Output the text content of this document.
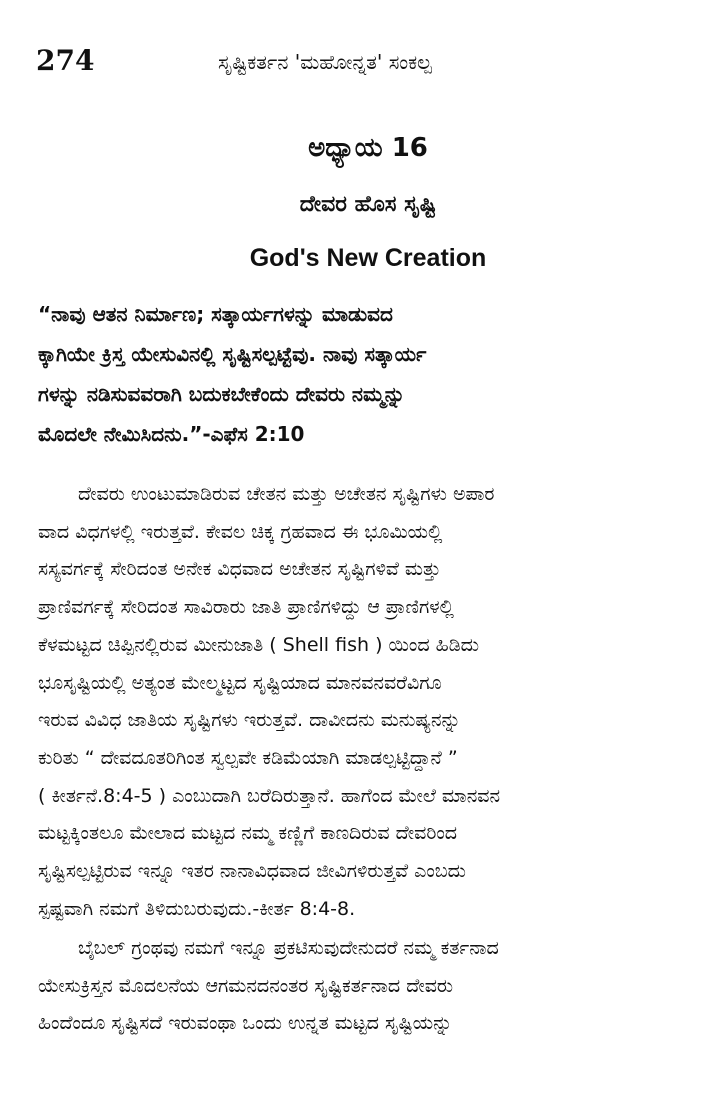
274	ಸೃಷ್ಟಿಕರ್ತನ 'ಮಹೋನ್ನತ' ಸಂಕಲ್ಪ
ಅಧ್ಯಾಯ 16
ದೇವರ ಹೊಸ ಸೃಷ್ಟಿ
God's New Creation
“ನಾವು ಆತನ ನಿರ್ಮಾಣ; ಸತ್ಕಾರ್ಯಗಳನ್ನು ಮಾಡುವದ
ಕ್ಕಾಗಿಯೇ ಕ್ರಿಸ್ತ ಯೇಸುವಿನಲ್ಲಿ ಸೃಷ್ಟಿಸಲ್ಪಟ್ಟೆವು. ನಾವು ಸತ್ಕಾರ್ಯ
ಗಳನ್ನು ನಡಿಸುವವರಾಗಿ ಬದುಕಬೇಕೆಂದು ದೇವರು ನಮ್ಮನ್ನು
ಮೊದಲೇ ನೇಮಿಸಿದನು.”-ಎಫೆಸ 2:10
ದೇವರು ಉಂಟುಮಾಡಿರುವ ಚೇತನ ಮತ್ತು ಅಚೇತನ ಸೃಷ್ಟಿಗಳು ಅಪಾರ
ವಾದ ವಿಧಗಳಲ್ಲಿ ಇರುತ್ತವೆ. ಕೇವಲ ಚಿಕ್ಕ ಗ್ರಹವಾದ ಈ ಭೂಮಿಯಲ್ಲಿ
ಸಸ್ಯವರ್ಗಕ್ಕೆ ಸೇರಿದಂತ ಅನೇಕ ವಿಧವಾದ ಅಚೇತನ ಸೃಷ್ಟಿಗಳಿವೆ ಮತ್ತು
ಪ್ರಾಣಿವರ್ಗಕ್ಕೆ ಸೇರಿದಂತ ಸಾವಿರಾರು ಜಾತಿ ಪ್ರಾಣಿಗಳಿದ್ದು ಆ ಪ್ರಾಣಿಗಳಲ್ಲಿ
ಕೆಳಮಟ್ಟದ ಚಿಪ್ಪಿನಲ್ಲಿರುವ ಮೀನುಜಾತಿ ( Shell fish ) ಯಿಂದ ಹಿಡಿದು
ಭೂಸೃಷ್ಟಿಯಲ್ಲಿ ಅತ್ಯಂತ ಮೇಲ್ಮಟ್ಟದ ಸೃಷ್ಟಿಯಾದ ಮಾನವನವರೆವಿಗೂ
ಇರುವ ವಿವಿಧ ಜಾತಿಯ ಸೃಷ್ಟಿಗಳು ಇರುತ್ತವೆ. ದಾವೀದನು ಮನುಷ್ಯನನ್ನು
ಕುರಿತು “ ದೇವದೂತರಿಗಿಂತ ಸ್ವಲ್ಪವೇ ಕಡಿಮೆಯಾಗಿ ಮಾಡಲ್ಪಟ್ಟಿದ್ದಾನೆ ”
( ಕೀರ್ತನೆ.8:4-5 ) ಎಂಬುದಾಗಿ ಬರೆದಿರುತ್ತಾನೆ. ಹಾಗೆಂದ ಮೇಲೆ ಮಾನವನ
ಮಟ್ಟಕ್ಕಿಂತಲೂ ಮೇಲಾದ ಮಟ್ಟದ ನಮ್ಮ ಕಣ್ಣಿಗೆ ಕಾಣದಿರುವ ದೇವರಿಂದ
ಸೃಷ್ಟಿಸಲ್ಪಟ್ಟಿರುವ ಇನ್ನೂ ಇತರ ನಾನಾವಿಧವಾದ ಜೀವಿಗಳಿರುತ್ತವೆ ಎಂಬದು
ಸ್ಪಷ್ಟವಾಗಿ ನಮಗೆ ತಿಳಿದುಬರುವುದು.-ಕೀರ್ತ 8:4-8.
ಬೈಬಲ್ ಗ್ರಂಥವು ನಮಗೆ ಇನ್ನೂ ಪ್ರಕಟಿಸುವುದೇನುದರೆ ನಮ್ಮ ಕರ್ತನಾದ
ಯೇಸುಕ್ರಿಸ್ತನ ಮೊದಲನೆಯ ಆಗಮನದನಂತರ ಸೃಷ್ಟಿಕರ್ತನಾದ ದೇವರು
ಹಿಂದೆಂದೂ ಸೃಷ್ಟಿಸದೆ ಇರುವಂಥಾ ಒಂದು ಉನ್ನತ ಮಟ್ಟದ ಸೃಷ್ಟಿಯನ್ನು
